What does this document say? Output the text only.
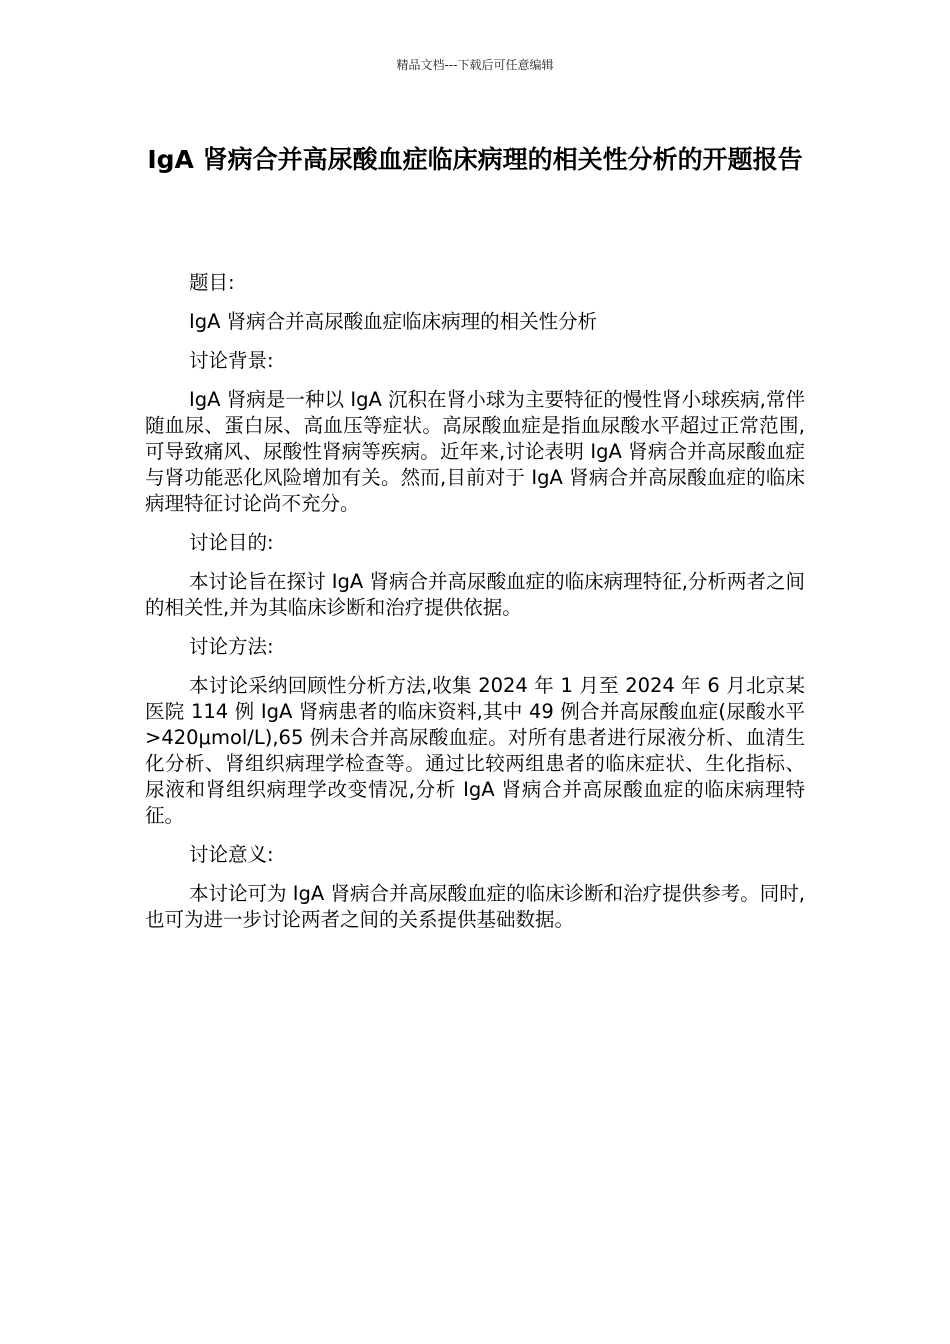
精品文档---下载后可任意编辑
IgA 肾病合并高尿酸血症临床病理的相关性分析的开题报告

题目:

IgA 肾病合并高尿酸血症临床病理的相关性分析

讨论背景:

IgA 肾病是一种以 IgA 沉积在肾小球为主要特征的慢性肾小球疾病,常伴随血尿、蛋白尿、高血压等症状。高尿酸血症是指血尿酸水平超过正常范围,可导致痛风、尿酸性肾病等疾病。近年来,讨论表明 IgA 肾病合并高尿酸血症与肾功能恶化风险增加有关。然而,目前对于 IgA 肾病合并高尿酸血症的临床病理特征讨论尚不充分。

讨论目的:

本讨论旨在探讨 IgA 肾病合并高尿酸血症的临床病理特征,分析两者之间的相关性,并为其临床诊断和治疗提供依据。

讨论方法:

本讨论采纳回顾性分析方法,收集 2024 年 1 月至 2024 年 6 月北京某医院 114 例 IgA 肾病患者的临床资料,其中 49 例合并高尿酸血症(尿酸水平>420μmol/L),65 例未合并高尿酸血症。对所有患者进行尿液分析、血清生化分析、肾组织病理学检查等。通过比较两组患者的临床症状、生化指标、尿液和肾组织病理学改变情况,分析 IgA 肾病合并高尿酸血症的临床病理特征。

讨论意义:

本讨论可为 IgA 肾病合并高尿酸血症的临床诊断和治疗提供参考。同时,也可为进一步讨论两者之间的关系提供基础数据。
